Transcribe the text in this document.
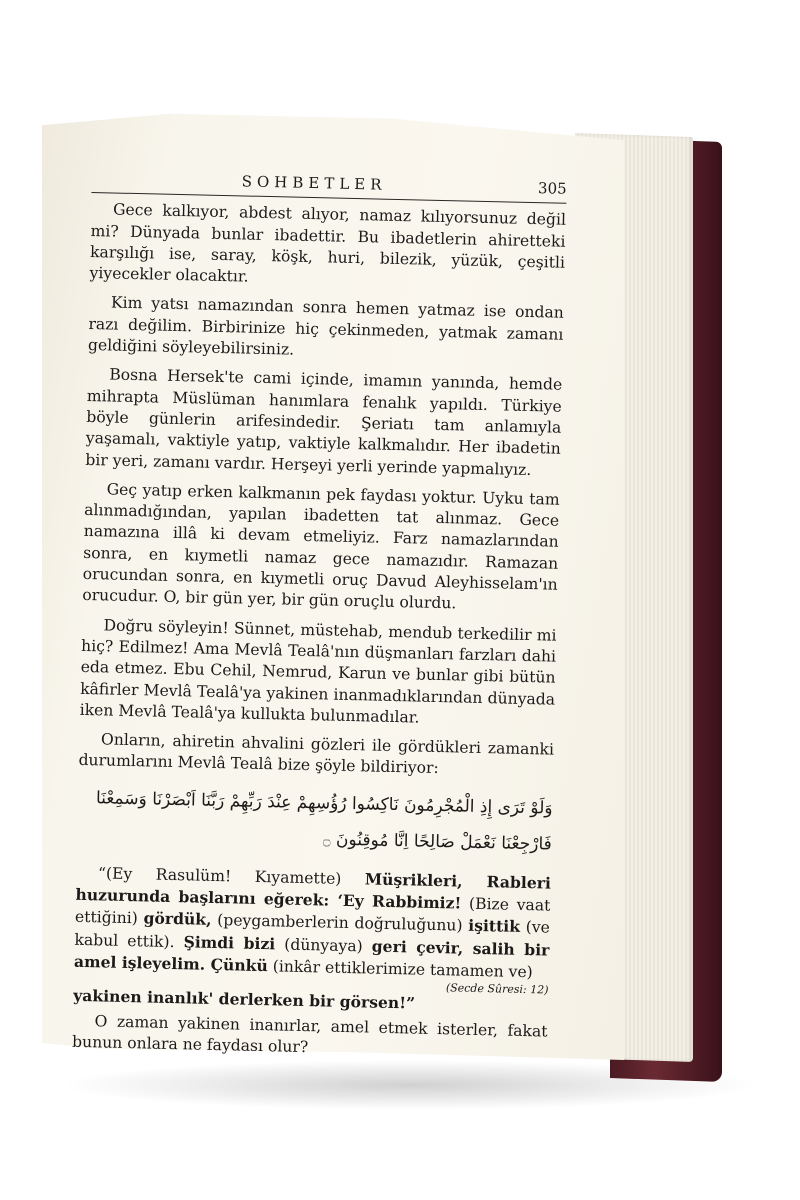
SOHBETLER	305

Gece kalkıyor, abdest alıyor, namaz kılıyorsunuz değil mi? Dünyada bunlar ibadettir. Bu ibadetlerin ahiretteki karşılığı ise, saray, köşk, huri, bilezik, yüzük, çeşitli yiyecekler olacaktır.

Kim yatsı namazından sonra hemen yatmaz ise ondan razı değilim. Birbirinize hiç çekinmeden, yatmak zamanı geldiğini söyleyebilirsiniz.

Bosna Hersek'te cami içinde, imamın yanında, hemde mihrapta Müslüman hanımlara fenalık yapıldı. Türkiye böyle günlerin arifesindedir. Şeriatı tam anlamıyla yaşamalı, vaktiyle yatıp, vaktiyle kalkmalıdır. Her ibadetin bir yeri, zamanı vardır. Herşeyi yerli yerinde yapmalıyız.

Geç yatıp erken kalkmanın pek faydası yoktur. Uyku tam alınmadığından, yapılan ibadetten tat alınmaz. Gece namazına illâ ki devam etmeliyiz. Farz namazlarından sonra, en kıymetli namaz gece namazıdır. Ramazan orucundan sonra, en kıymetli oruç Davud Aleyhisselam'ın orucudur. O, bir gün yer, bir gün oruçlu olurdu.

Doğru söyleyin! Sünnet, müstehab, mendub terkedilir mi hiç? Edilmez! Ama Mevlâ Tealâ'nın düşmanları farzları dahi eda etmez. Ebu Cehil, Nemrud, Karun ve bunlar gibi bütün kâfirler Mevlâ Tealâ'ya yakinen inanmadıklarından dünyada iken Mevlâ Tealâ'ya kullukta bulunmadılar.

Onların, ahiretin ahvalini gözleri ile gördükleri zamanki durumlarını Mevlâ Tealâ bize şöyle bildiriyor:

وَلَوْ تَرَى إِذِ الْمُجْرِمُونَ نَاكِسُوا رُؤُسِهِمْ عِنْدَ رَبِّهِمْ رَبَّنَا اَبْصَرْنَا وَسَمِعْنَا
فَارْجِعْنَا نَعْمَلْ صَالِحًا اِنَّا مُوقِنُونَ ۝

“(Ey Rasulüm! Kıyamette) Müşrikleri, Rableri huzurunda başlarını eğerek: ‘Ey Rabbimiz! (Bize vaat ettiğini) gördük, (peygamberlerin doğruluğunu) işittik (ve kabul ettik). Şimdi bizi (dünyaya) geri çevir, salih bir amel işleyelim. Çünkü (inkâr ettiklerimize tamamen ve)

(Secde Sûresi: 12)

yakinen inanlık' derlerken bir görsen!”

O zaman yakinen inanırlar, amel etmek isterler, fakat bunun onlara ne faydası olur?
